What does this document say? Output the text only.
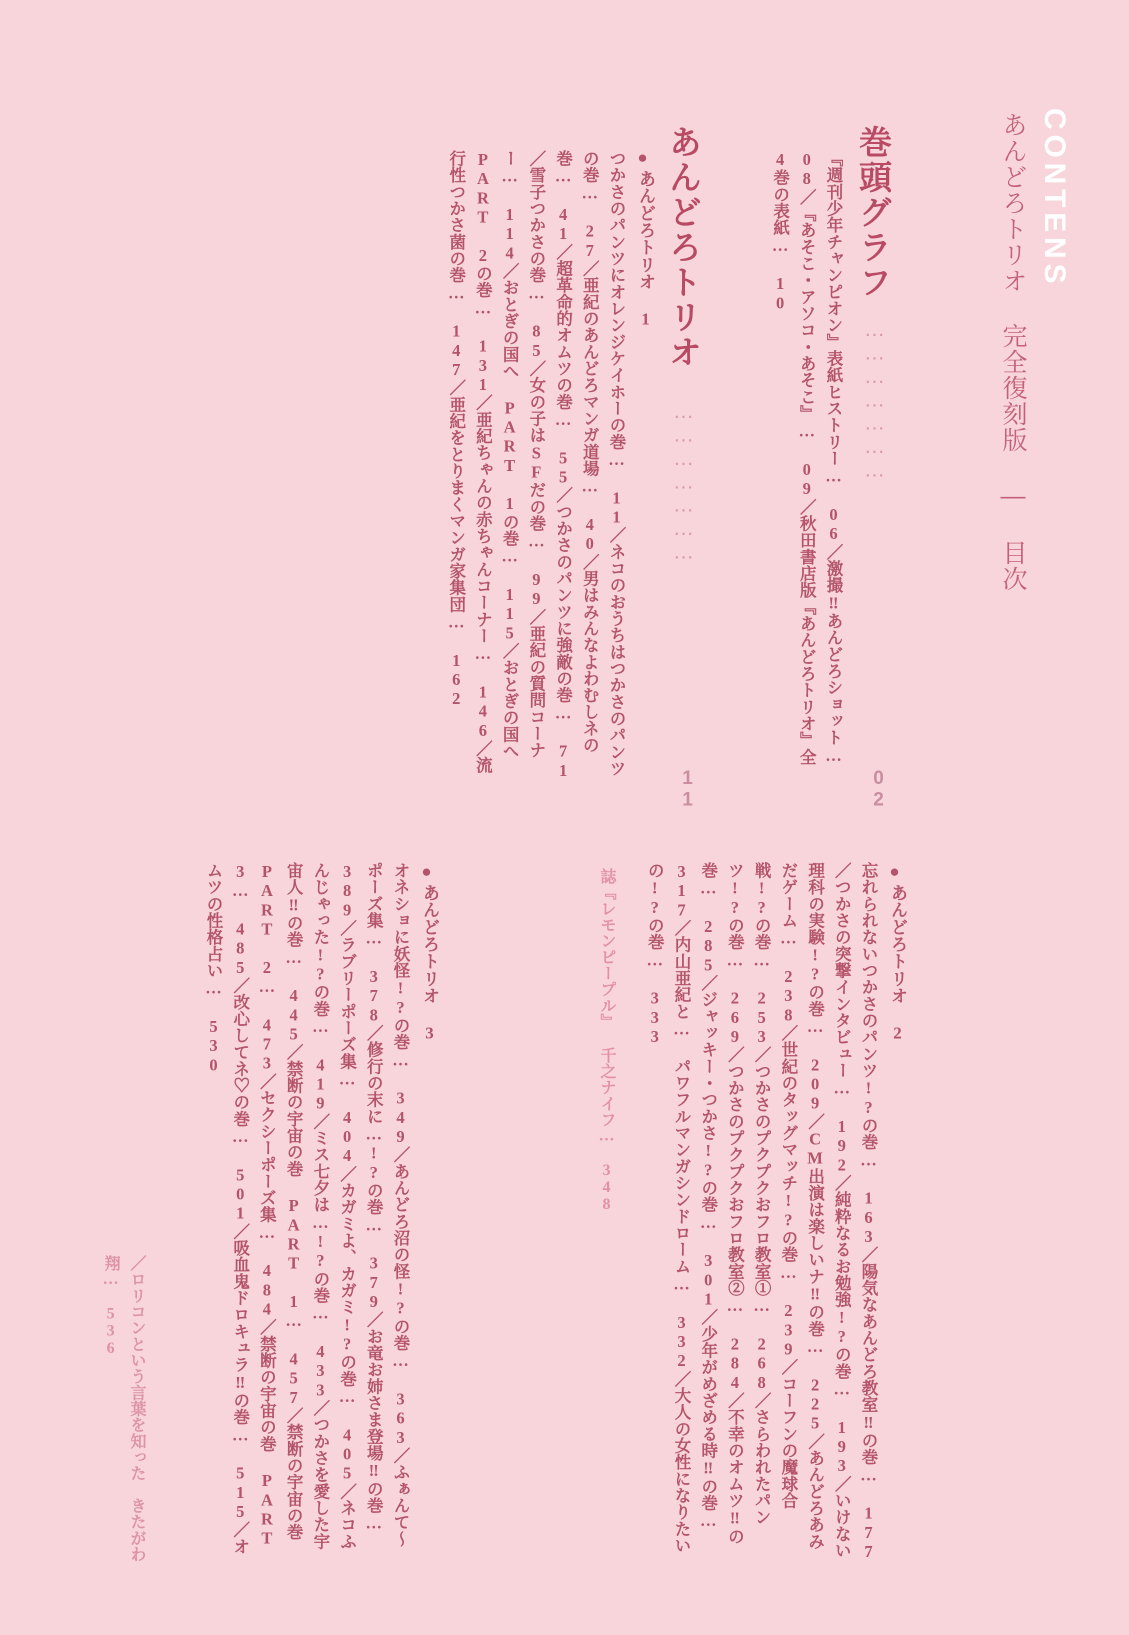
CONTENS
あんどろトリオ 完全復刻版 ― 目次
巻頭グラフ
…………………
02
『週刊少年チャンピオン』表紙ヒストリー… 06／激撮‼あんどろショット… 08／『あそこ・アソコ・あそこ』… 09／秋田書店版『あんどろトリオ』全4巻の表紙… 10
あんどろトリオ
…………………
11
●
あんどろトリオ 1
つかさのパンツにオレンジケイホーの巻… 11／ネコのおうちはつかさのパンツの巻… 27／亜紀のあんどろマンガ道場… 40／男はみんなよわむしネの巻… 41／超革命的オムツの巻… 55／つかさのパンツに強敵の巻… 71／雪子つかさの巻… 85／女の子はSFだの巻… 99／亜紀の質問コーナー… 114／おとぎの国へ PART 1の巻… 115／おとぎの国へ PART 2の巻… 131／亜紀ちゃんの赤ちゃんコーナー… 146／流行性つかさ菌の巻… 147／亜紀をとりまくマンガ家集団… 162
●
あんどろトリオ 2
忘れられないつかさのパンツ!?の巻… 163／陽気なあんどろ教室‼の巻… 177／つかさの突撃インタビュー… 192／純粋なるお勉強!?の巻… 193／いけない理科の実験!?の巻… 209／CM出演は楽しいナ‼の巻… 225／あんどろあみだゲーム… 238／世紀のタッグマッチ!?の巻… 239／コーフンの魔球合戦!?の巻… 253／つかさのプクプクおフロ教室①… 268／さらわれたパンツ!?の巻… 269／つかさのプクプクおフロ教室②… 284／不幸のオムツ‼の巻… 285／ジャッキー・つかさ!?の巻… 301／少年がめざめる時‼の巻… 317／内山亜紀と… パワフルマンガシンドローム… 332／大人の女性になりたいの!?の巻… 333
誌『レモンピープル』 千之ナイフ… 348
●
あんどろトリオ 3
オネショに妖怪!?の巻… 349／あんどろ沼の怪!?の巻… 363／ふぁんて～ポーズ集… 378／修行の末に…!?の巻… 379／お竜お姉さま登場‼の巻… 389／ラブリーポーズ集… 404／カガミよ、カガミ!?の巻… 405／ネコふんじゃった!?の巻… 419／ミス七夕は…!?の巻… 433／つかさを愛した宇宙人‼の巻… 445／禁断の宇宙の巻 PART 1… 457／禁断の宇宙の巻 PART 2… 473／セクシーポーズ集… 484／禁断の宇宙の巻 PART 3… 485／改心してネ♡の巻… 501／吸血鬼ドロキュラ‼の巻… 515／オムツの性格占い… 530
／ロリコンという言葉を知った　きたがわ翔… 536
